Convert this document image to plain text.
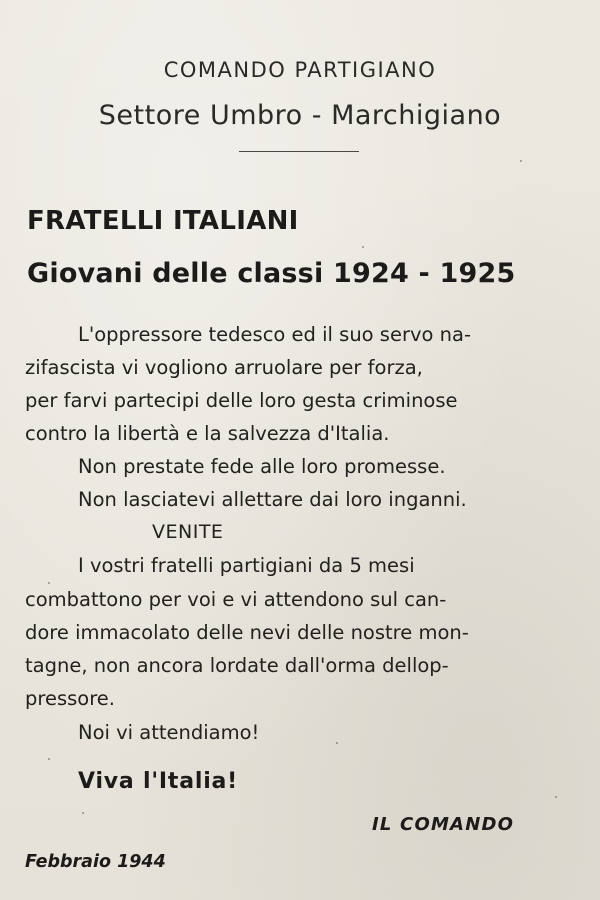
COMANDO PARTIGIANO
Settore Umbro - Marchigiano
FRATELLI ITALIANI
Giovani delle classi 1924 - 1925
L'oppressore tedesco ed il suo servo na-
zifascista vi vogliono arruolare per forza,
per farvi partecipi delle loro gesta criminose
contro la libertà e la salvezza d'Italia.
Non prestate fede alle loro promesse.
Non lasciatevi allettare dai loro inganni.
VENITE
I vostri fratelli partigiani da 5 mesi
combattono per voi e vi attendono sul can-
dore immacolato delle nevi delle nostre mon-
tagne, non ancora lordate dall'orma dellop-
pressore.
Noi vi attendiamo!
Viva l'Italia!
IL COMANDO
Febbraio 1944
